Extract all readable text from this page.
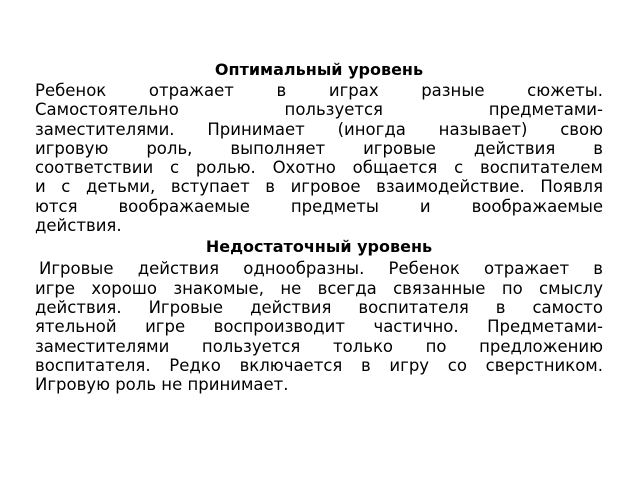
Оптимальный уровень

Ребенок отражает в играх разные сюжеты.
Самостоятельно пользуется предметами-
заместителями. Принимает (иногда называет) свою
игровую роль, выполняет игровые действия в
соответствии с ролью. Охотно общается с воспитателем
и с детьми, вступает в игровое взаимодействие. Появля
ются воображаемые предметы и воображаемые
действия.

Недостаточный уровень

Игровые действия однообразны. Ребенок отражает в
игре хорошо знакомые, не всегда связанные по смыслу
действия. Игровые действия воспитателя в самосто
ятельной игре воспроизводит частично. Предметами-
заместителями пользуется только по предложению
воспитателя. Редко включается в игру со сверстником.
Игровую роль не принимает.
